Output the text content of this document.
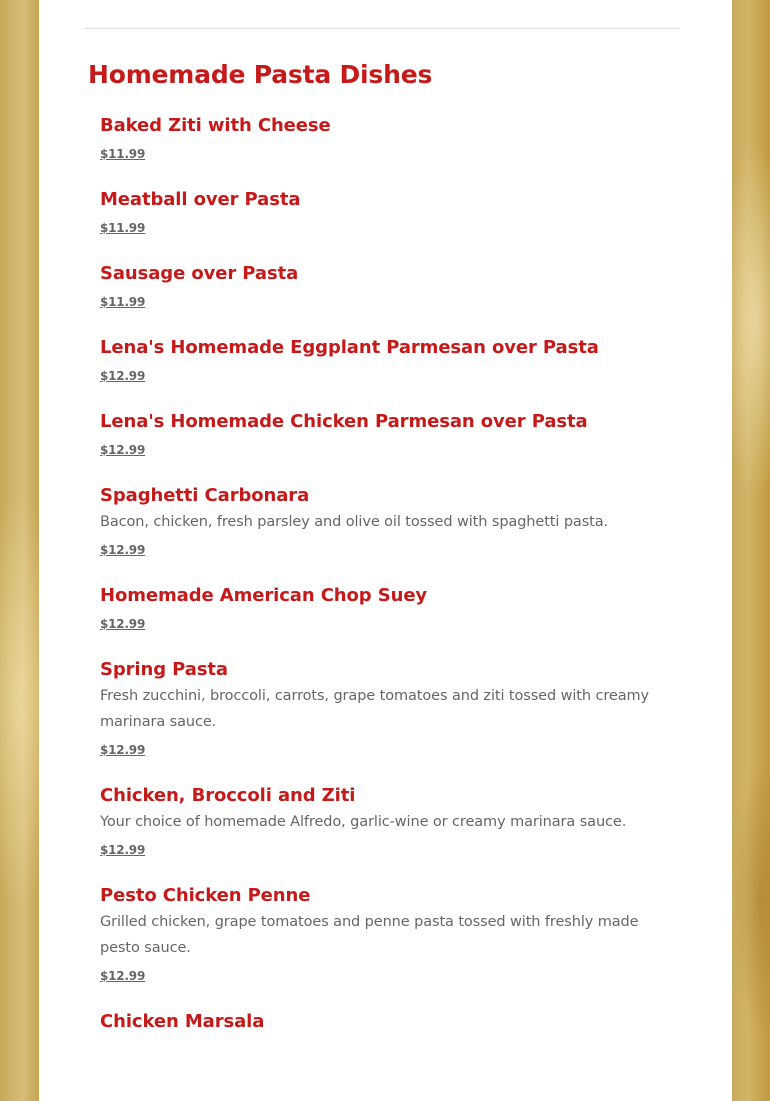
Homemade Pasta Dishes
Baked Ziti with Cheese
$11.99
Meatball over Pasta
$11.99
Sausage over Pasta
$11.99
Lena's Homemade Eggplant Parmesan over Pasta
$12.99
Lena's Homemade Chicken Parmesan over Pasta
$12.99
Spaghetti Carbonara
Bacon, chicken, fresh parsley and olive oil tossed with spaghetti pasta.
$12.99
Homemade American Chop Suey
$12.99
Spring Pasta
Fresh zucchini, broccoli, carrots, grape tomatoes and ziti tossed with creamy marinara sauce.
$12.99
Chicken, Broccoli and Ziti
Your choice of homemade Alfredo, garlic-wine or creamy marinara sauce.
$12.99
Pesto Chicken Penne
Grilled chicken, grape tomatoes and penne pasta tossed with freshly made pesto sauce.
$12.99
Chicken Marsala
